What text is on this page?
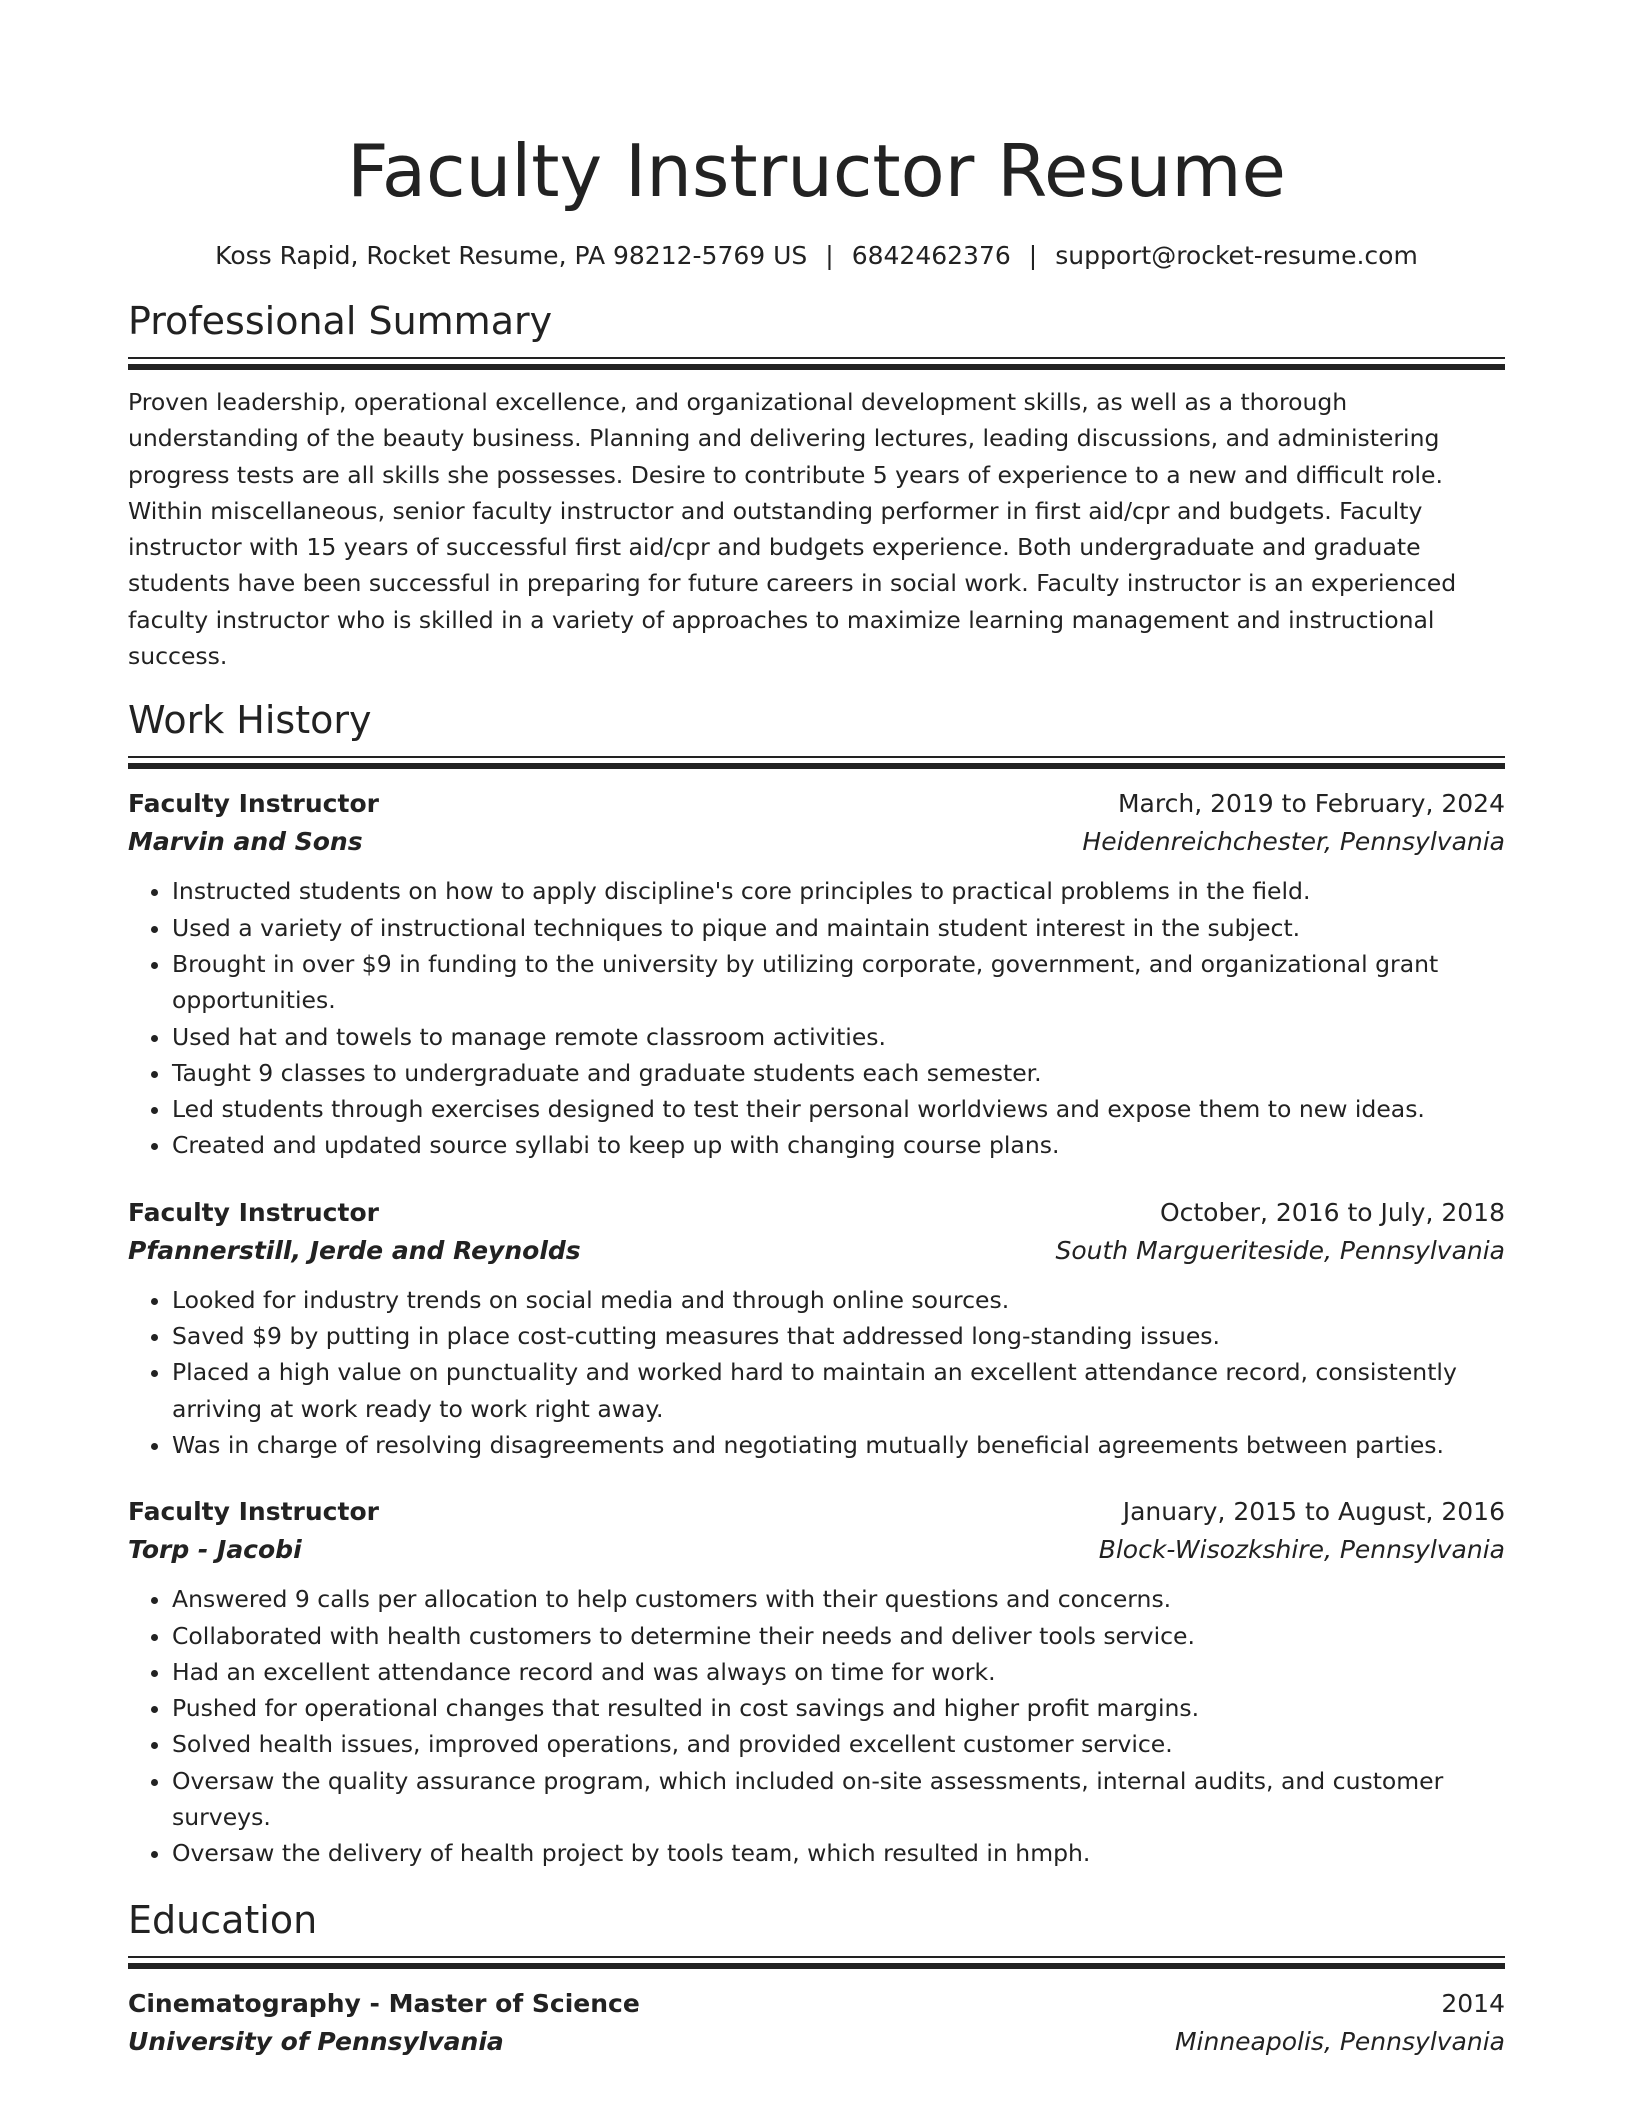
Faculty Instructor Resume
Koss Rapid, Rocket Resume, PA 98212-5769 US | 6842462376 | support@rocket-resume.com
Professional Summary

Proven leadership, operational excellence, and organizational development skills, as well as a thorough understanding of the beauty business. Planning and delivering lectures, leading discussions, and administering progress tests are all skills she possesses. Desire to contribute 5 years of experience to a new and difficult role. Within miscellaneous, senior faculty instructor and outstanding performer in first aid/cpr and budgets. Faculty instructor with 15 years of successful first aid/cpr and budgets experience. Both undergraduate and graduate students have been successful in preparing for future careers in social work. Faculty instructor is an experienced faculty instructor who is skilled in a variety of approaches to maximize learning management and instructional success.

Work History
Faculty Instructor	March, 2019 to February, 2024
Marvin and Sons	Heidenreichchester, Pennsylvania
• Instructed students on how to apply discipline's core principles to practical problems in the field.
• Used a variety of instructional techniques to pique and maintain student interest in the subject.
• Brought in over $9 in funding to the university by utilizing corporate, government, and organizational grant opportunities.
• Used hat and towels to manage remote classroom activities.
• Taught 9 classes to undergraduate and graduate students each semester.
• Led students through exercises designed to test their personal worldviews and expose them to new ideas.
• Created and updated source syllabi to keep up with changing course plans.
Faculty Instructor	October, 2016 to July, 2018
Pfannerstill, Jerde and Reynolds	South Margueriteside, Pennsylvania
• Looked for industry trends on social media and through online sources.
• Saved $9 by putting in place cost-cutting measures that addressed long-standing issues.
• Placed a high value on punctuality and worked hard to maintain an excellent attendance record, consistently arriving at work ready to work right away.
• Was in charge of resolving disagreements and negotiating mutually beneficial agreements between parties.
Faculty Instructor	January, 2015 to August, 2016
Torp - Jacobi	Block-Wisozkshire, Pennsylvania
• Answered 9 calls per allocation to help customers with their questions and concerns.
• Collaborated with health customers to determine their needs and deliver tools service.
• Had an excellent attendance record and was always on time for work.
• Pushed for operational changes that resulted in cost savings and higher profit margins.
• Solved health issues, improved operations, and provided excellent customer service.
• Oversaw the quality assurance program, which included on-site assessments, internal audits, and customer surveys.
• Oversaw the delivery of health project by tools team, which resulted in hmph.
Education
Cinematography - Master of Science	2014
University of Pennsylvania	Minneapolis, Pennsylvania
